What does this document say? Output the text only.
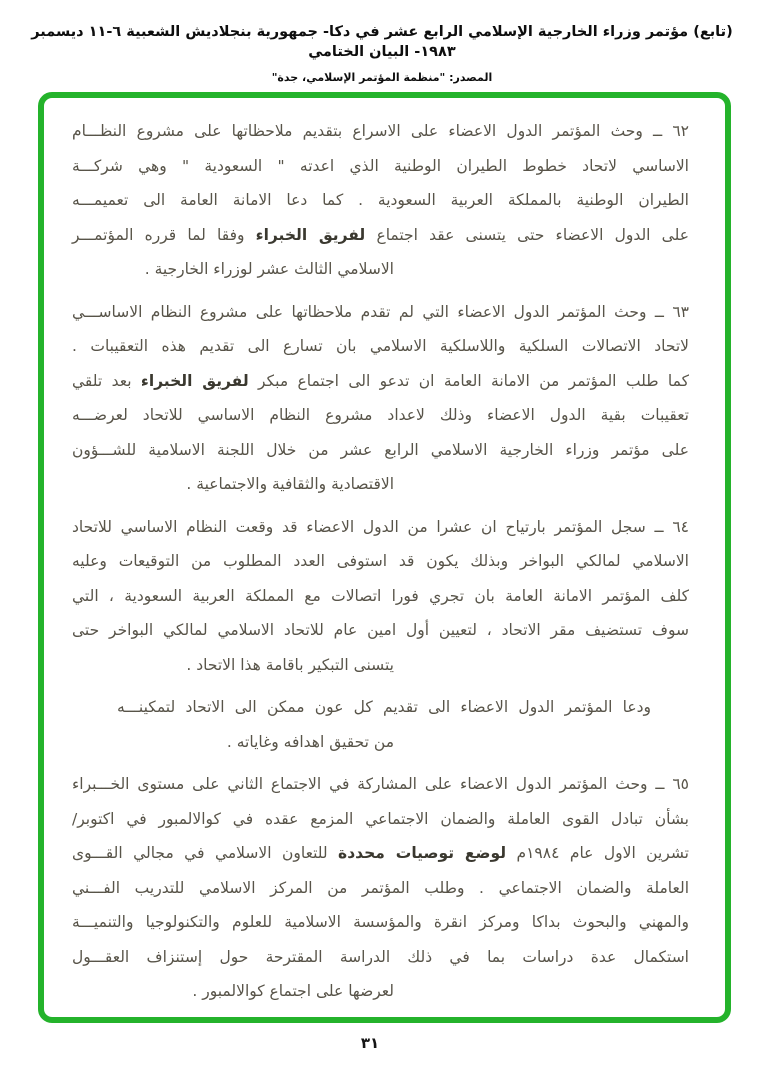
(تابع) مؤتمر وزراء الخارجية الإسلامي الرابع عشر في دكا- جمهورية بنجلاديش الشعبية ٦-١١ ديسمبر ١٩٨٣- البيان الختامي
المصدر: "منظمة المؤتمر الإسلامي، جدة"
٦٢ ــ وحث المؤتمر الدول الاعضاء على الاسراع بتقديم ملاحظاتها على مشروع النظـــام
الاساسي لاتحاد خطوط الطيران الوطنية الذي اعدته " السعودية " وهي شركـــة
الطيران الوطنية بالمملكة العربية السعودية . كما دعا الامانة العامة الى تعميمـــه
على الدول الاعضاء حتى يتسنى عقد اجتماع لفريق الخبراء وفقا لما قرره المؤتمـــر
الاسلامي الثالث عشر لوزراء الخارجية .
٦٣ ــ وحث المؤتمر الدول الاعضاء التي لم تقدم ملاحظاتها على مشروع النظام الاساســـي
لاتحاد الاتصالات السلكية واللاسلكية الاسلامي بان تسارع الى تقديم هذه التعقيبات .
كما طلب المؤتمر من الامانة العامة ان تدعو الى اجتماع مبكر لفريق الخبراء بعد تلقي
تعقيبات بقية الدول الاعضاء وذلك لاعداد مشروع النظام الاساسي للاتحاد لعرضـــه
على مؤتمر وزراء الخارجية الاسلامي الرابع عشر من خلال اللجنة الاسلامية للشـــؤون
الاقتصادية والثقافية والاجتماعية .
٦٤ ــ سجل المؤتمر بارتياح ان عشرا من الدول الاعضاء قد وقعت النظام الاساسي للاتحاد
الاسلامي لمالكي البواخر وبذلك يكون قد استوفى العدد المطلوب من التوقيعات وعليه
كلف المؤتمر الامانة العامة بان تجري فورا اتصالات مع المملكة العربية السعودية ، التي
سوف تستضيف مقر الاتحاد ، لتعيين أول امين عام للاتحاد الاسلامي لمالكي البواخر حتى
يتسنى التبكير باقامة هذا الاتحاد .
ودعا المؤتمر الدول الاعضاء الى تقديم كل عون ممكن الى الاتحاد لتمكينـــه
من تحقيق اهدافه وغاياته .
٦٥ ــ وحث المؤتمر الدول الاعضاء على المشاركة في الاجتماع الثاني على مستوى الخـــبراء
بشأن تبادل القوى العاملة والضمان الاجتماعي المزمع عقده في كوالالمبور في اكتوبر/
تشرين الاول عام ١٩٨٤م لوضع توصيات محددة للتعاون الاسلامي في مجالي القـــوى
العاملة والضمان الاجتماعي . وطلب المؤتمر من المركز الاسلامي للتدريب الفـــني
والمهني والبحوث بداكا ومركز انقرة والمؤسسة الاسلامية للعلوم والتكنولوجيا والتنميـــة
استكمال عدة دراسات بما في ذلك الدراسة المقترحة حول إستنزاف العقـــول
لعرضها على اجتماع كوالالمبور .
٣١
